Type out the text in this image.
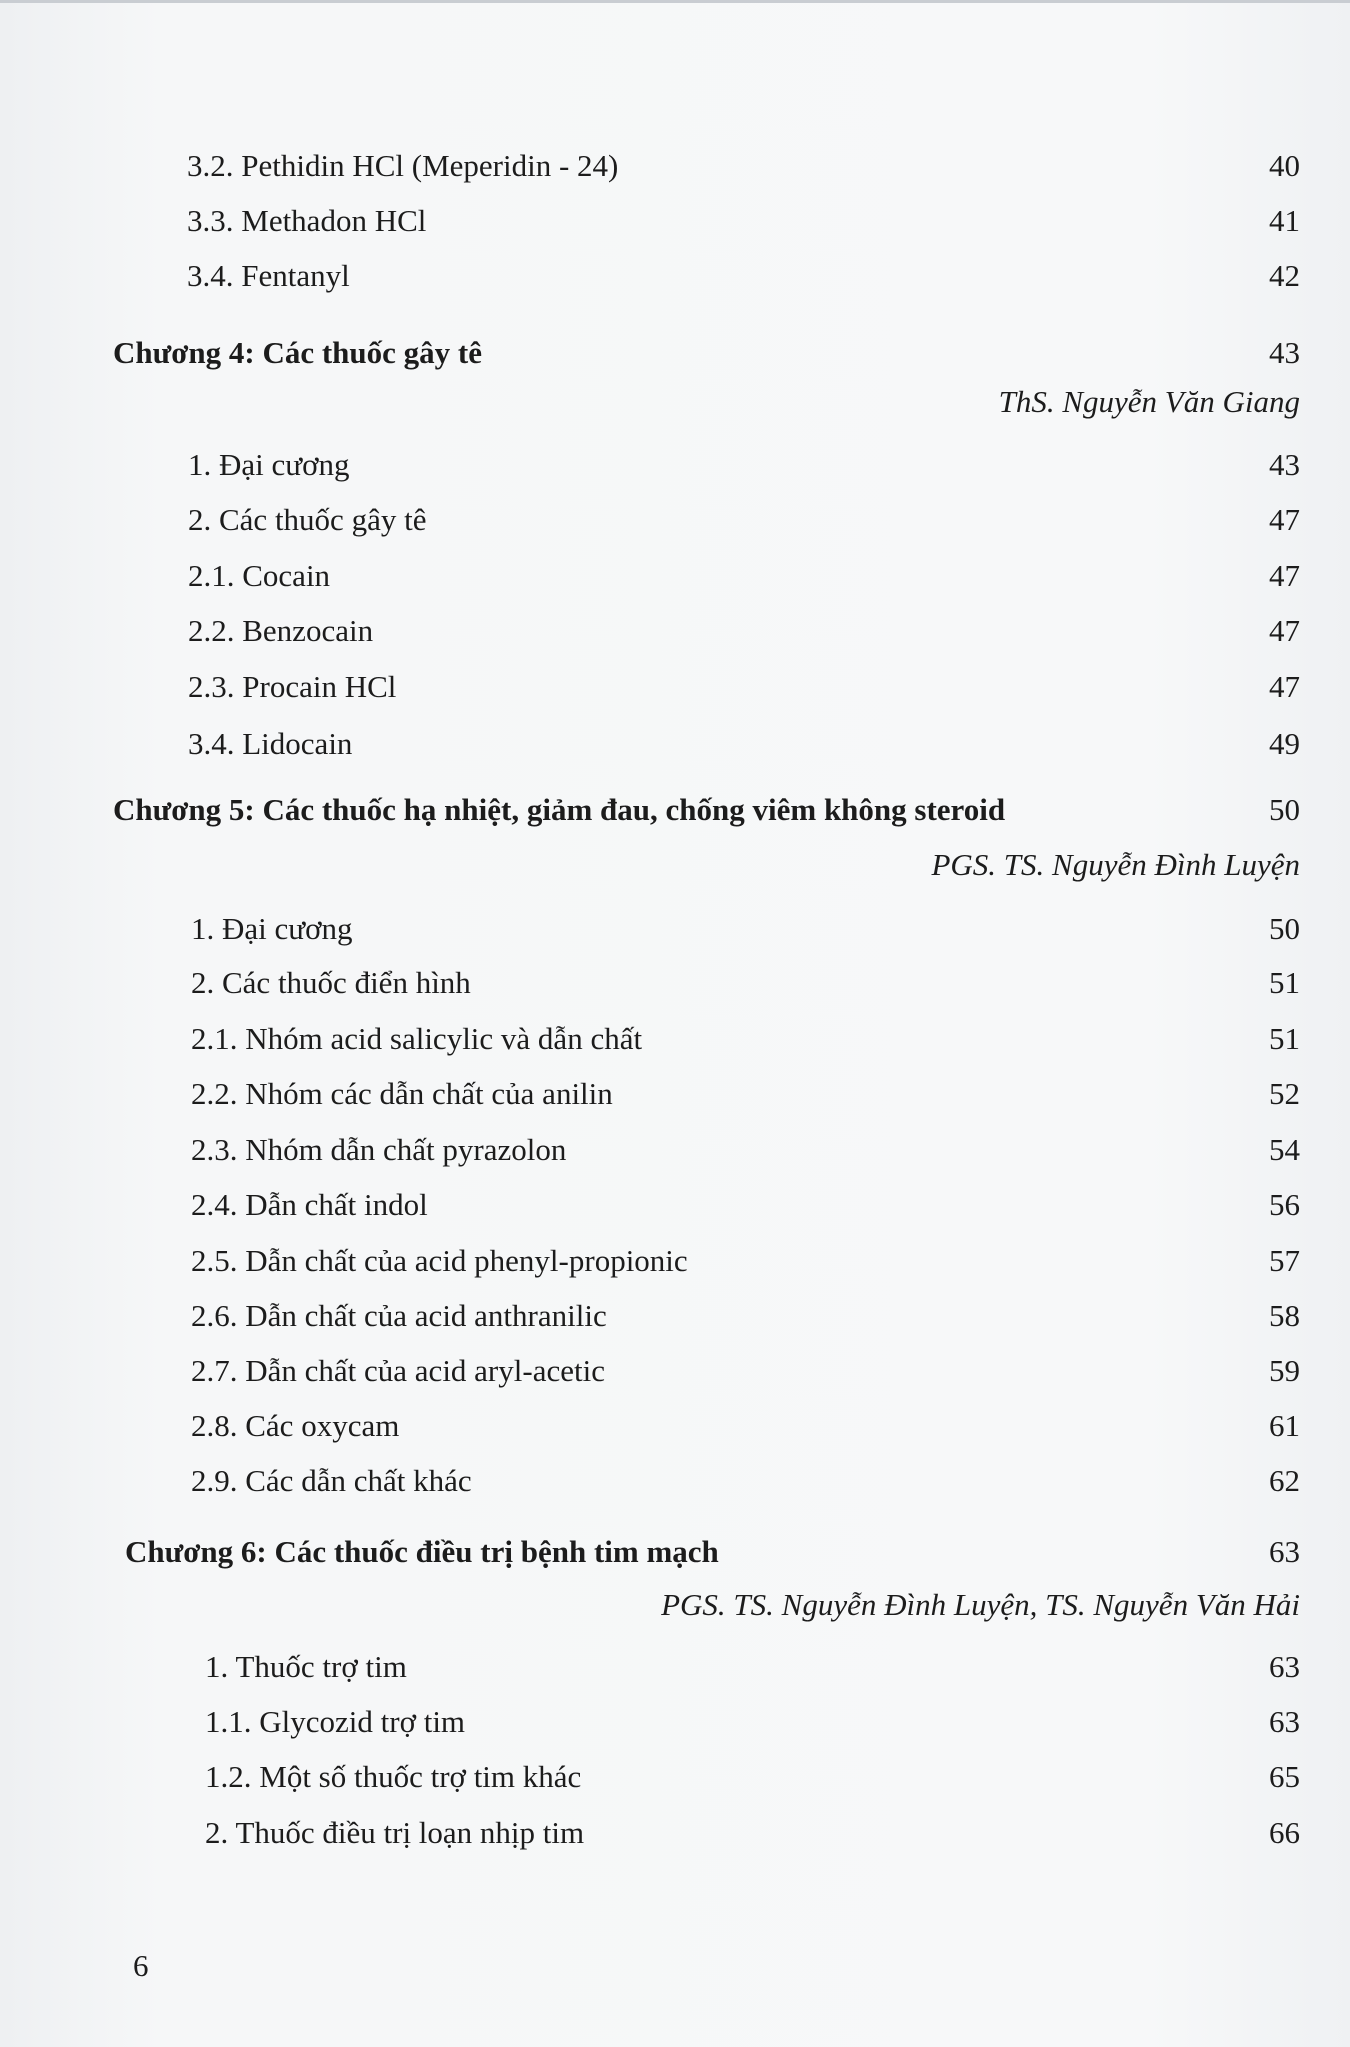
3.2. Pethidin HCl (Meperidin - 24)	40
3.3. Methadon HCl	41
3.4. Fentanyl	42
Chương 4: Các thuốc gây tê	43
ThS. Nguyễn Văn Giang
1. Đại cương	43
2. Các thuốc gây tê	47
2.1. Cocain	47
2.2. Benzocain	47
2.3. Procain HCl	47
3.4. Lidocain	49
Chương 5: Các thuốc hạ nhiệt, giảm đau, chống viêm không steroid	50
PGS. TS. Nguyễn Đình Luyện
1. Đại cương	50
2. Các thuốc điển hình	51
2.1. Nhóm acid salicylic và dẫn chất	51
2.2. Nhóm các dẫn chất của anilin	52
2.3. Nhóm dẫn chất pyrazolon	54
2.4. Dẫn chất indol	56
2.5. Dẫn chất của acid phenyl-propionic	57
2.6. Dẫn chất của acid anthranilic	58
2.7. Dẫn chất của acid aryl-acetic	59
2.8. Các oxycam	61
2.9. Các dẫn chất khác	62
Chương 6: Các thuốc điều trị bệnh tim mạch	63
PGS. TS. Nguyễn Đình Luyện, TS. Nguyễn Văn Hải
1. Thuốc trợ tim	63
1.1. Glycozid trợ tim	63
1.2. Một số thuốc trợ tim khác	65
2. Thuốc điều trị loạn nhịp tim	66
6
